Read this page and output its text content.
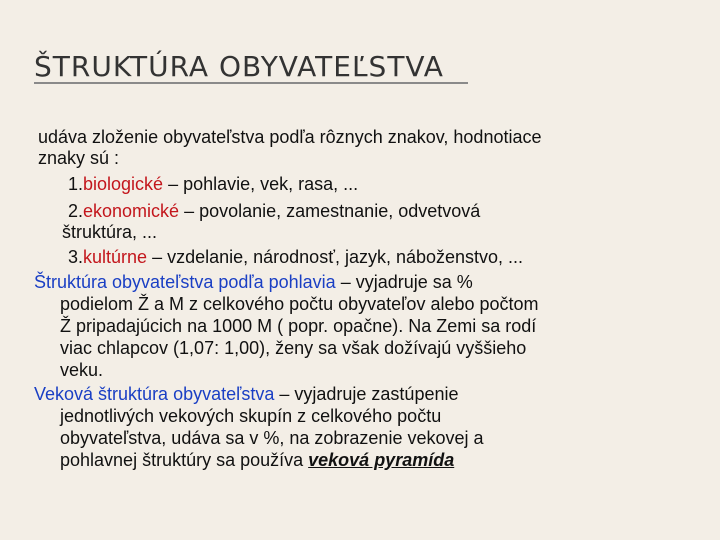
ŠTRUKTÚRA OBYVATEĽSTVA
udáva zloženie obyvateľstva podľa rôznych znakov, hodnotiace
znaky sú :
1.biologické – pohlavie, vek, rasa, ...
2.ekonomické – povolanie, zamestnanie, odvetvová
štruktúra, ...
3.kultúrne – vzdelanie, národnosť, jazyk, náboženstvo, ...
Štruktúra obyvateľstva podľa pohlavia – vyjadruje sa %
podielom Ž a M z celkového počtu obyvateľov alebo počtom
Ž pripadajúcich na 1000 M ( popr. opačne). Na Zemi sa rodí
viac chlapcov (1,07: 1,00), ženy sa však dožívajú vyššieho
veku.
Veková štruktúra obyvateľstva – vyjadruje zastúpenie
jednotlivých vekových skupín z celkového počtu
obyvateľstva, udáva sa v %, na zobrazenie vekovej a
pohlavnej štruktúry sa používa veková pyramída
